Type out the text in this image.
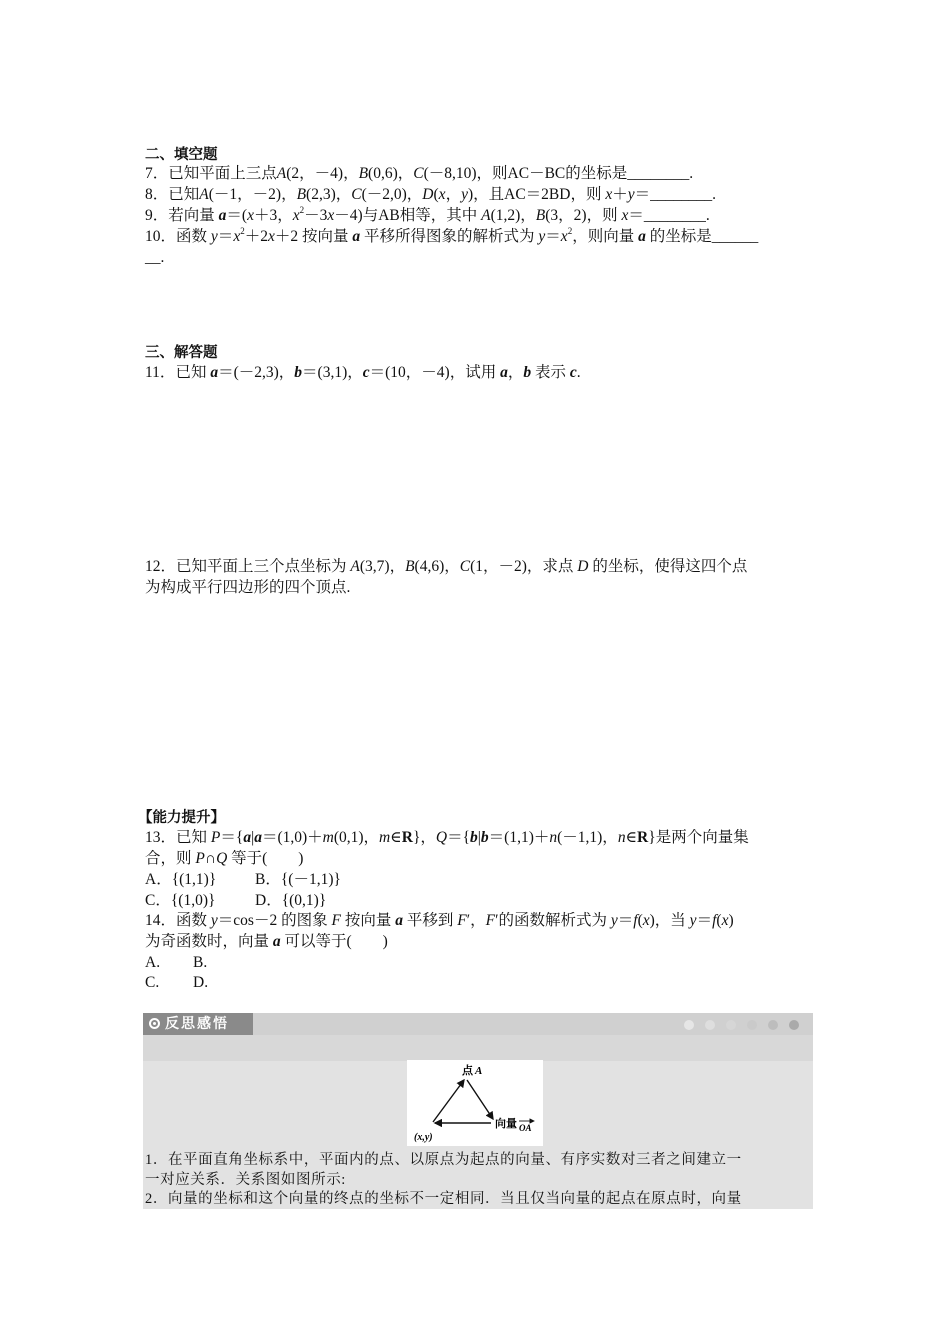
二、填空题
7．已知平面上三点A(2，－4)，B(0,6)，C(－8,10)，则AC－BC的坐标是________.
8．已知A(－1，－2)，B(2,3)，C(－2,0)，D(x，y)，且AC＝2BD，则 x＋y＝________.
9．若向量 a＝(x＋3，$x^2-3x-4$)与AB相等，其中 A(1,2)，B(3，2)，则 x＝________.
10．函数 $y=x^2+2x+2$ 按向量 a 平移所得图象的解析式为 $y=x^2$，则向量 a 的坐标是______
__.
三、解答题
11．已知 a＝(－2,3)，b＝(3,1)，c＝(10，－4)，试用 a，b 表示 c.
12．已知平面上三个点坐标为 A(3,7)，B(4,6)，C(1，－2)，求点 D 的坐标，使得这四个点
为构成平行四边形的四个顶点.
【能力提升】
13．已知 P＝{a|a＝(1,0)＋m(0,1)，m∈R}，Q＝{b|b＝(1,1)＋n(－1,1)，n∈R}是两个向量集
合，则 P∩Q 等于(　　)
A．{(1,1)} B．{(－1,1)}
C．{(1,0)}	D．{(0,1)}
14．函数 y＝cos－2 的图象 F 按向量 a 平移到 F′，F′的函数解析式为 y＝f(x)，当 y＝f(x)
为奇函数时，向量 a 可以等于(　　)
A. B.
C. D.
反思感悟
点 A
(x,y)
向量 OA
1．在平面直角坐标系中，平面内的点、以原点为起点的向量、有序实数对三者之间建立一
一对应关系．关系图如图所示:
2．向量的坐标和这个向量的终点的坐标不一定相同．当且仅当向量的起点在原点时，向量
